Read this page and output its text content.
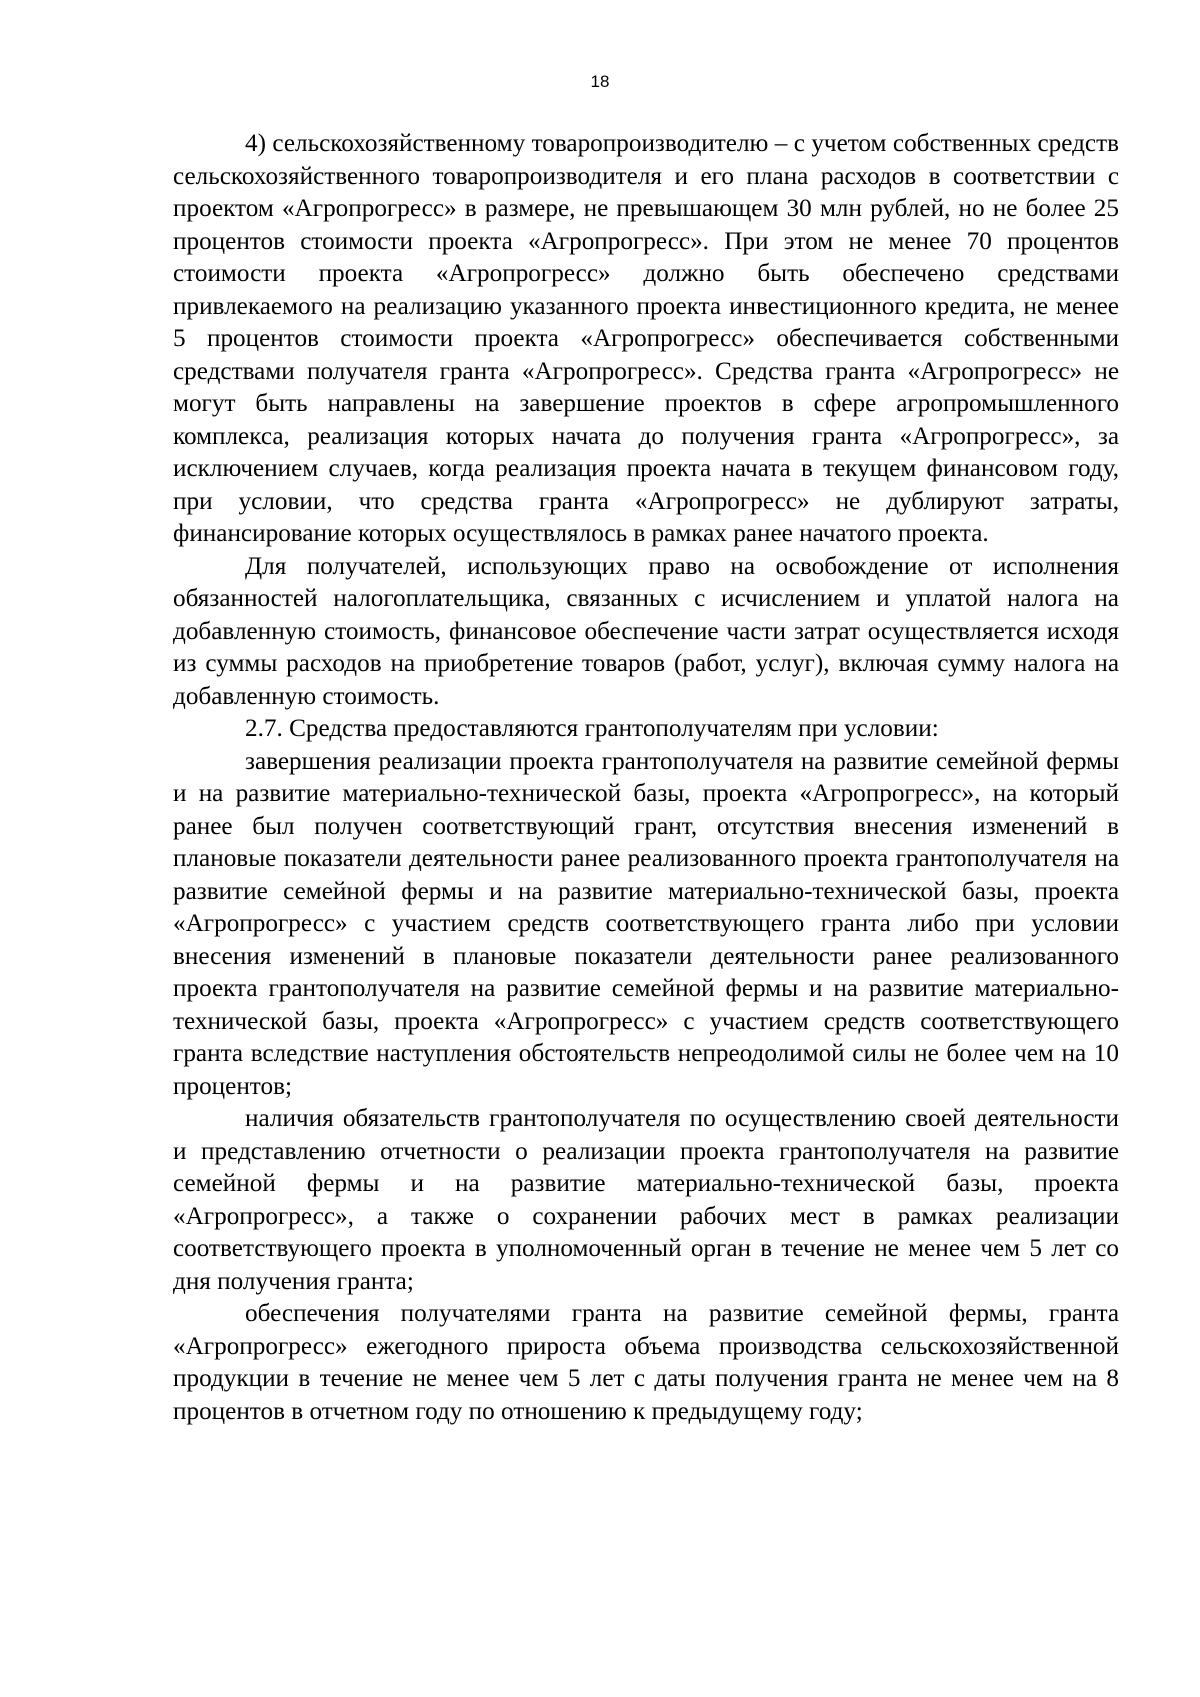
18

4) сельскохозяйственному товаропроизводителю – с учетом собственных средств сельскохозяйственного товаропроизводителя и его плана расходов в соответствии с проектом «Агропрогресс» в размере, не превышающем 30 млн рублей, но не более 25 процентов стоимости проекта «Агропрогресс». При этом не менее 70 процентов стоимости проекта «Агропрогресс» должно быть обеспечено средствами привлекаемого на реализацию указанного проекта инвестиционного кредита, не менее 5 процентов стоимости проекта «Агропрогресс» обеспечивается собственными средствами получателя гранта «Агропрогресс». Средства гранта «Агропрогресс» не могут быть направлены на завершение проектов в сфере агропромышленного комплекса, реализация которых начата до получения гранта «Агропрогресс», за исключением случаев, когда реализация проекта начата в текущем финансовом году, при условии, что средства гранта «Агропрогресс» не дублируют затраты, финансирование которых осуществлялось в рамках ранее начатого проекта.

Для получателей, использующих право на освобождение от исполнения обязанностей налогоплательщика, связанных с исчислением и уплатой налога на добавленную стоимость, финансовое обеспечение части затрат осуществляется исходя из суммы расходов на приобретение товаров (работ, услуг), включая сумму налога на добавленную стоимость.

2.7. Средства предоставляются грантополучателям при условии:

завершения реализации проекта грантополучателя на развитие семейной фермы и на развитие материально-технической базы, проекта «Агропрогресс», на который ранее был получен соответствующий грант, отсутствия внесения изменений в плановые показатели деятельности ранее реализованного проекта грантополучателя на развитие семейной фермы и на развитие материально-технической базы, проекта «Агропрогресс» с участием средств соответствующего гранта либо при условии внесения изменений в плановые показатели деятельности ранее реализованного проекта грантополучателя на развитие семейной фермы и на развитие материально-технической базы, проекта «Агропрогресс» с участием средств соответствующего гранта вследствие наступления обстоятельств непреодолимой силы не более чем на 10 процентов;

наличия обязательств грантополучателя по осуществлению своей деятельности и представлению отчетности о реализации проекта грантополучателя на развитие семейной фермы и на развитие материально-технической базы, проекта «Агропрогресс», а также о сохранении рабочих мест в рамках реализации соответствующего проекта в уполномоченный орган в течение не менее чем 5 лет со дня получения гранта;

обеспечения получателями гранта на развитие семейной фермы, гранта «Агропрогресс» ежегодного прироста объема производства сельскохозяйственной продукции в течение не менее чем 5 лет с даты получения гранта не менее чем на 8 процентов в отчетном году по отношению к предыдущему году;
